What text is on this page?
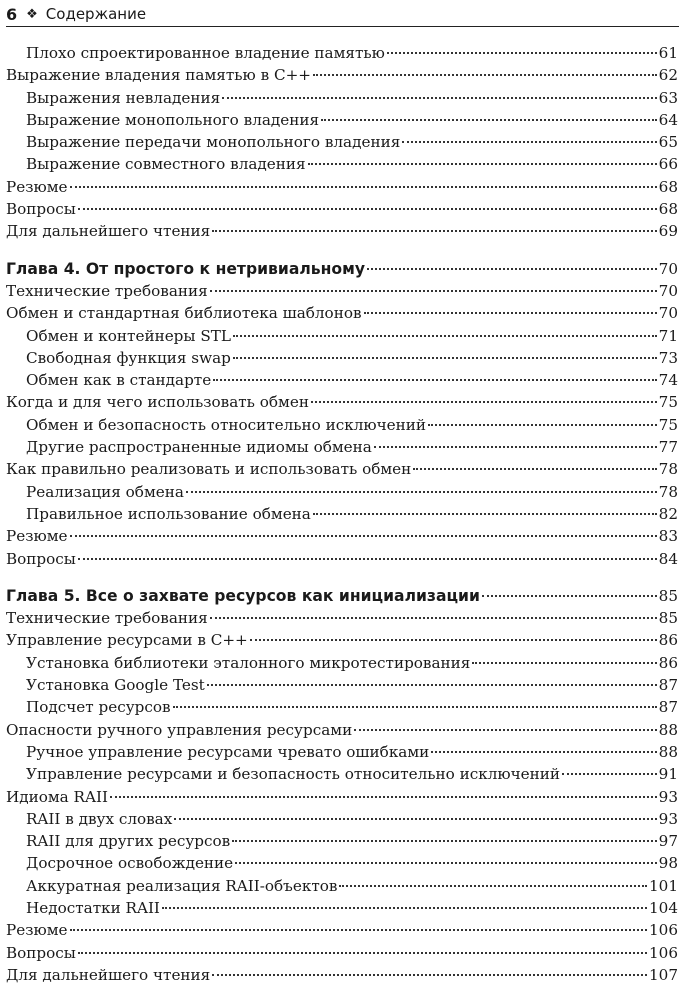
6 ❖ Содержание
Плохо спроектированное владение памятью	61
Выражение владения памятью в C++	62
Выражения невладения	63
Выражение монопольного владения	64
Выражение передачи монопольного владения	65
Выражение совместного владения	66
Резюме	68
Вопросы	68
Для дальнейшего чтения	69
Глава 4. От простого к нетривиальному	70
Технические требования	70
Обмен и стандартная библиотека шаблонов	70
Обмен и контейнеры STL	71
Свободная функция swap	73
Обмен как в стандарте	74
Когда и для чего использовать обмен	75
Обмен и безопасность относительно исключений	75
Другие распространенные идиомы обмена	77
Как правильно реализовать и использовать обмен	78
Реализация обмена	78
Правильное использование обмена	82
Резюме	83
Вопросы	84
Глава 5. Все о захвате ресурсов как инициализации	85
Технические требования	85
Управление ресурсами в C++	86
Установка библиотеки эталонного микротестирования	86
Установка Google Test	87
Подсчет ресурсов	87
Опасности ручного управления ресурсами	88
Ручное управление ресурсами чревато ошибками	88
Управление ресурсами и безопасность относительно исключений	91
Идиома RAII	93
RAII в двух словах	93
RAII для других ресурсов	97
Досрочное освобождение	98
Аккуратная реализация RAII-объектов	101
Недостатки RAII	104
Резюме	106
Вопросы	106
Для дальнейшего чтения	107
